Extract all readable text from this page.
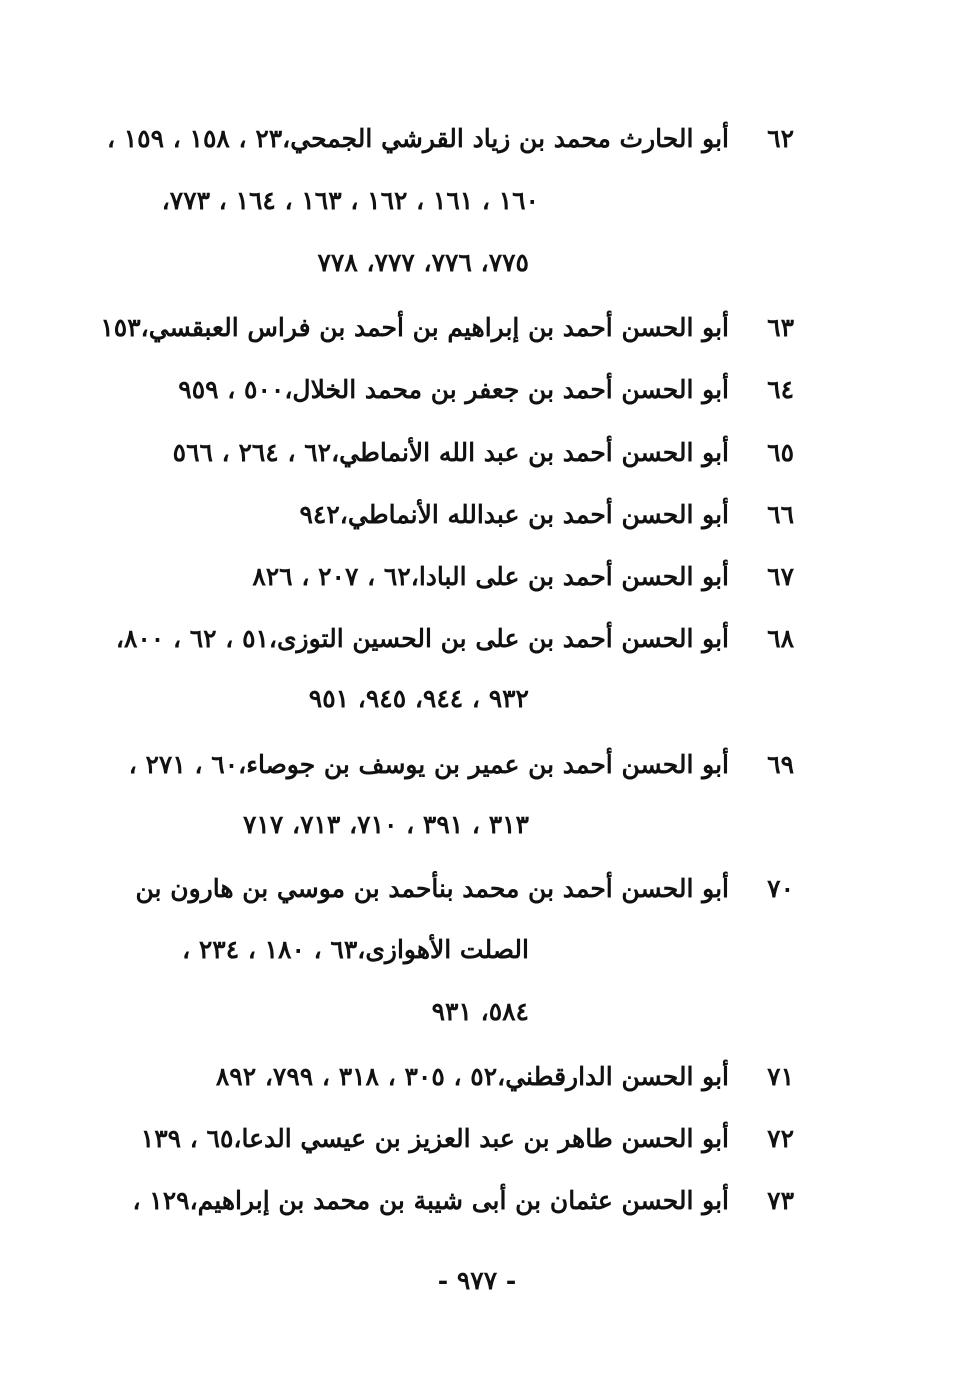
٦٢
أبو الحارث محمد بن زياد القرشي الجمحي،٢٣ ، ١٥٨ ، ١٥٩ ،
١٦٠ ، ١٦١ ، ١٦٢ ، ١٦٣ ، ١٦٤ ، ٧٧٣،
٧٧٥، ٧٧٦، ٧٧٧، ٧٧٨
٦٣
أبو الحسن أحمد بن إبراهيم بن أحمد بن فراس العبقسي،١٥٣
٦٤
أبو الحسن أحمد بن جعفر بن محمد الخلال،٥٠٠ ، ٩٥٩
٦٥
أبو الحسن أحمد بن عبد الله الأنماطي،٦٢ ، ٢٦٤ ، ٥٦٦
٦٦
أبو الحسن أحمد بن عبدالله الأنماطي،٩٤٢
٦٧
أبو الحسن أحمد بن على البادا،٦٢ ، ٢٠٧ ، ٨٢٦
٦٨
أبو الحسن أحمد بن على بن الحسين التوزى،٥١ ، ٦٢ ، ٨٠٠،
٩٣٢ ، ٩٤٤، ٩٤٥، ٩٥١
٦٩
أبو الحسن أحمد بن عمير بن يوسف بن جوصاء،٦٠ ، ٢٧١ ،
٣١٣ ، ٣٩١ ، ٧١٠، ٧١٣، ٧١٧
٧٠
أبو الحسن أحمد بن محمد بنأحمد بن موسي بن هارون بن
الصلت الأهوازى،٦٣ ، ١٨٠ ، ٢٣٤ ،
٥٨٤، ٩٣١
٧١
أبو الحسن الدارقطني،٥٢ ، ٣٠٥ ، ٣١٨ ، ٧٩٩، ٨٩٢
٧٢
أبو الحسن طاهر بن عبد العزيز بن عيسي الدعا،٦٥ ، ١٣٩
٧٣
أبو الحسن عثمان بن أبى شيبة بن محمد بن إبراهيم،١٢٩ ،
- ٩٧٧ -
